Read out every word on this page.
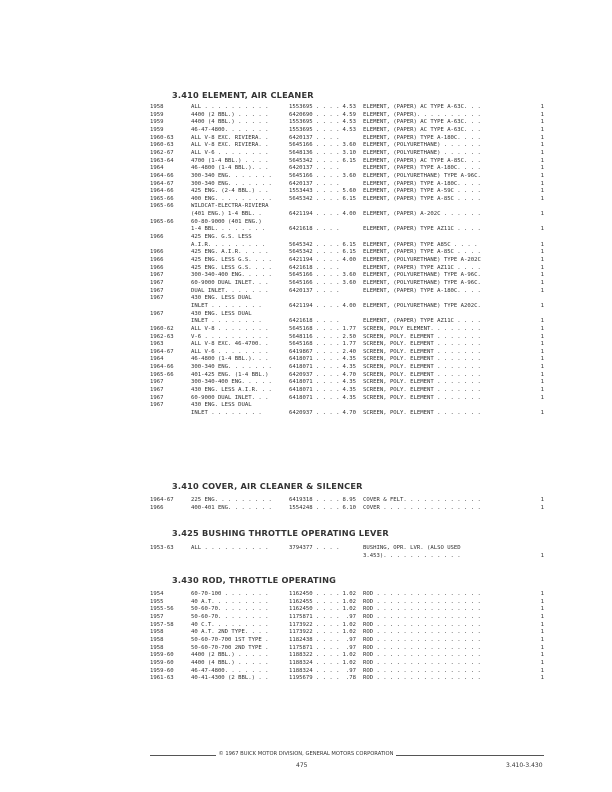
3.410 ELEMENT, AIR CLEANER
1958	ALL . . . . . . . . . .	1553695 . . . . 4.53 ELEMENT, (PAPER) AC TYPE A-63C. . .	1
1959	4400 (2 BBL.) . . . . .	6420690 . . . . 4.59 ELEMENT, (PAPER). . . . . . . . . .	1
1959	4400 (4 BBL.) . . . . .	1553695 . . . . 4.53 ELEMENT, (PAPER) AC TYPE A-63C. . .	1
1959	46-47-4800. . . . . . .	1553695 . . . . 4.53 ELEMENT, (PAPER) AC TYPE A-63C. . .	1
1960-63	ALL V-8 EXC. RIVIERA. .	6420137 . . . .	ELEMENT, (PAPER) TYPE A-180C. . . .	1
1960-63	ALL V-8 EXC. RIVIERA. .	5645166 . . . . 3.60 ELEMENT, (POLYURETHANE) . . . . . .	1
1962-67	ALL V-6 . . . . . . . .	5648136 . . . . 3.10 ELEMENT, (POLYURETHANE) . . . . . .	1
1963-64	4700 (1-4 BBL.) . . . .	5645342 . . . . 6.15 ELEMENT, (PAPER) AC TYPE A-85C. . .	1
1964	46-4800 (1-4 BBL.). . .	6420137 . . . .	ELEMENT, (PAPER) TYPE A-180C. . . .	1
1964-66	300-340 ENG. . . . . . .	5645166 . . . . 3.60 ELEMENT, (POLYURETHANE) TYPE A-96C.	1
1964-67	300-340 ENG. . . . . . .	6420137 . . . .	ELEMENT, (PAPER) TYPE A-180C. . . .	1
1964-66	425 ENG. (2-4 BBL.) . .	1553443 . . . . 5.60 ELEMENT, (PAPER) TYPE A-59C . . . .	1
1965-66	400 ENG. . . . . . . . .	5645342 . . . . 6.15 ELEMENT, (PAPER) TYPE A-85C . . . .	1
1965-66	WILDCAT-ELECTRA-RIVIERA
(401 ENG.) 1-4 BBL. .	6421194 . . . . 4.00 ELEMENT, (PAPER) A-202C . . . . . .	1
1965-66	60-80-9000 (401 ENG.)
1-4 BBL. . . . . . . .	6421618 . . . .	ELEMENT, (PAPER) TYPE AZ11C . . . .	1
1966	425 ENG. G.S. LESS
A.I.R. . . . . . . . .	5645342 . . . . 6.15 ELEMENT, (PAPER) TYPE A85C . . . .	1
1966	425 ENG. A.I.R. . . . .	5645342 . . . . 6.15 ELEMENT, (PAPER) TYPE A-85C . . . .	1
1966	425 ENG. LESS G.S. . . .	6421194 . . . . 4.00 ELEMENT, (POLYURETHANE) TYPE A-202C	1
1966	425 ENG. LESS G.S. . . .	6421618 . . . .	ELEMENT, (PAPER) TYPE AZ11C . . . .	1
1967	300-340-400 ENG. . . . .	5645166 . . . . 3.60 ELEMENT, (POLYURETHANE) TYPE A-96C.	1
1967	60-9000 DUAL INLET. . .	5645166 . . . . 3.60 ELEMENT, (POLYURETHANE) TYPE A-96C.	1
1967	DUAL INLET. . . . . . .	6420137 . . . .	ELEMENT, (PAPER) TYPE A-180C. . . .	1
1967	430 ENG. LESS DUAL
INLET . . . . . . . .	6421194 . . . . 4.00 ELEMENT, (POLYURETHANE) TYPE A202C.	1
1967	430 ENG. LESS DUAL
INLET . . . . . . . .	6421618 . . . .	ELEMENT, (PAPER) TYPE AZ11C . . . .	1
1960-62	ALL V-8 . . . . . . . .	5645168 . . . . 1.77 SCREEN, POLY ELEMENT. . . . . . . .	1
1962-63	V-6 . . . . . . . . . .	5648116 . . . . 2.50 SCREEN, POLY. ELEMENT . . . . . . .	1
1963	ALL V-8 EXC. 46-4700. .	5645168 . . . . 1.77 SCREEN, POLY. ELEMENT . . . . . . .	1
1964-67	ALL V-6 . . . . . . . .	6419867 . . . . 2.40 SCREEN, POLY. ELEMENT . . . . . . .	1
1964	46-4800 (1-4 BBL.). . .	6418071 . . . . 4.35 SCREEN, POLY. ELEMENT . . . . . . .	1
1964-66	300-340 ENG. . . . . . .	6418071 . . . . 4.35 SCREEN, POLY. ELEMENT . . . . . . .	1
1965-66	401-425 ENG. (1-4 BBL.)	6420937 . . . . 4.70 SCREEN, POLY. ELEMENT . . . . . . .	1
1967	300-340-400 ENG. . . . .	6418071 . . . . 4.35 SCREEN, POLY. ELEMENT . . . . . . .	1
1967	430 ENG. LESS A.I.R. . .	6418071 . . . . 4.35 SCREEN, POLY. ELEMENT . . . . . . .	1
1967	60-9000 DUAL INLET. . .	6418071 . . . . 4.35 SCREEN, POLY. ELEMENT . . . . . . .	1
1967	430 ENG. LESS DUAL
INLET . . . . . . . .	6420937 . . . . 4.70 SCREEN, POLY. ELEMENT . . . . . . .	1
3.410 COVER, AIR CLEANER & SILENCER
1964-67	225 ENG. . . . . . . . .	6419318 . . . . 8.95 COVER & FELT. . . . . . . . . . . .	1
1966	400-401 ENG. . . . . . .	1554248 . . . . 6.10 COVER . . . . . . . . . . . . . . .	1
3.425 BUSHING THROTTLE OPERATING LEVER
1953-63	ALL . . . . . . . . . .	3794377 . . . .	BUSHING, OPR. LVR. (ALSO USED
3.453). . . . . . . . . . . .	1
3.430 ROD, THROTTLE OPERATING
1954	60-70-100 . . . . . . .	1162450 . . . . 1.02 ROD . . . . . . . . . . . . . . . .	1
1955	40 A.T. . . . . . . . .	1162455 . . . . 1.02 ROD . . . . . . . . . . . . . . . .	1
1955-56	50-60-70. . . . . . . .	1162450 . . . . 1.02 ROD . . . . . . . . . . . . . . . .	1
1957	50-60-70. . . . . . . .	1175871 . . . .	.97 ROD . . . . . . . . . . . . . . . .	1
1957-58	40 C.T. . . . . . . . .	1173922 . . . . 1.02 ROD . . . . . . . . . . . . . . . .	1
1958	40 A.T. 2ND TYPE. . . .	1173922 . . . . 1.02 ROD . . . . . . . . . . . . . . . .	1
1958	50-60-70-700 1ST TYPE .	1182438 . . . .	.97 ROD . . . . . . . . . . . . . . . .	1
1958	50-60-70-700 2ND TYPE .	1175871 . . . .	.97 ROD . . . . . . . . . . . . . . . .	1
1959-60	4400 (2 BBL.) . . . . .	1188322 . . . . 1.02 ROD . . . . . . . . . . . . . . . .	1
1959-60	4400 (4 BBL.) . . . . .	1188324 . . . . 1.02 ROD . . . . . . . . . . . . . . . .	1
1959-60	46-47-4800. . . . . . .	1188324 . . . .	.97 ROD . . . . . . . . . . . . . . . .	1
1961-63	40-41-4300 (2 BBL.) . .	1195679 . . . .	.78 ROD . . . . . . . . . . . . . . . .	1
© 1967 BUICK MOTOR DIVISION, GENERAL MOTORS CORPORATION
475	3.410-3.430
